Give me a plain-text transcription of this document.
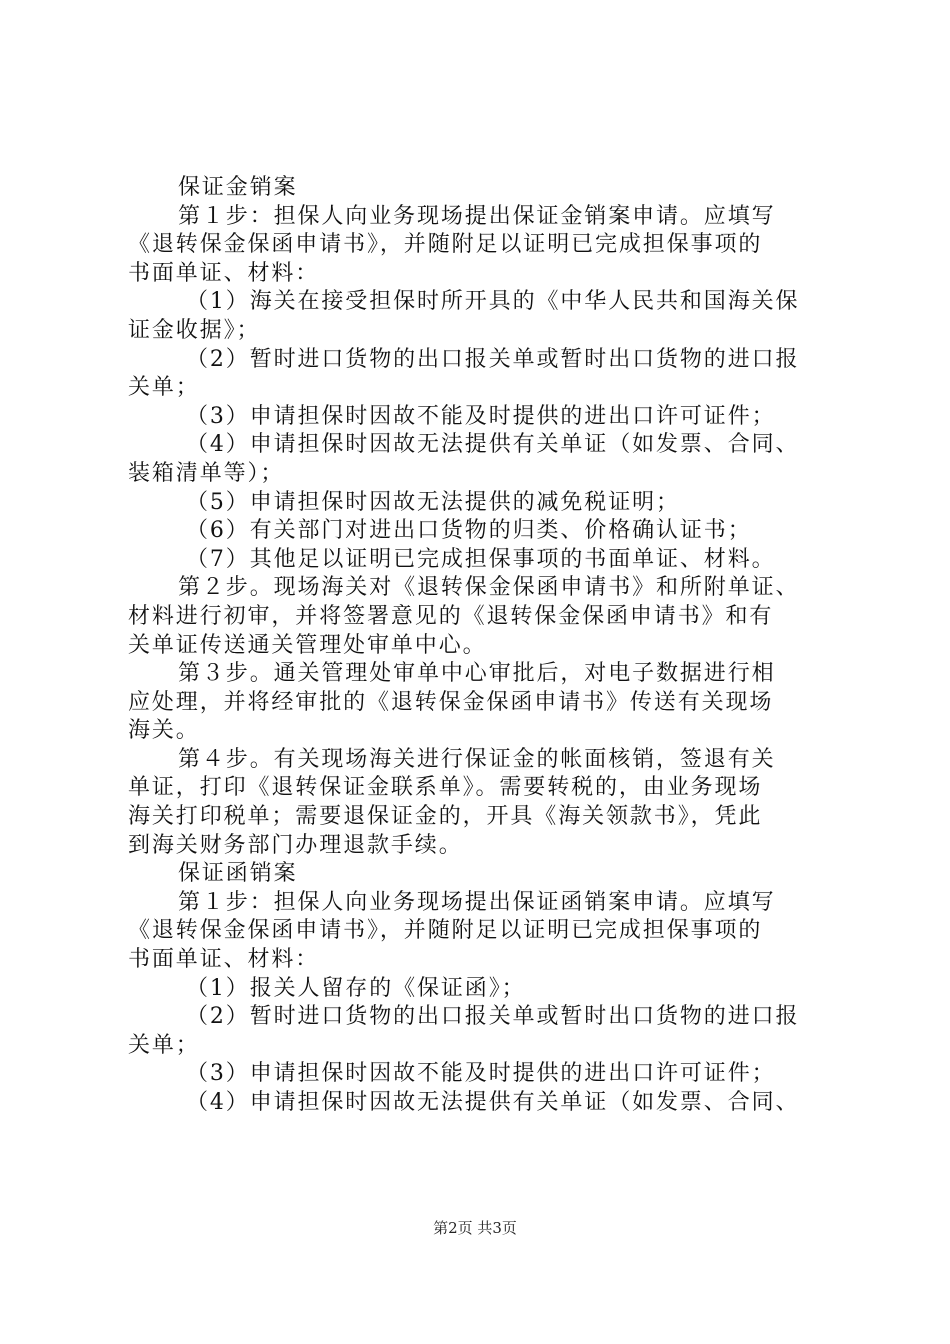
保证金销案
第１步：担保人向业务现场提出保证金销案申请。应填写
《退转保金保函申请书》，并随附足以证明已完成担保事项的
书面单证、材料：
（1）海关在接受担保时所开具的《中华人民共和国海关保
证金收据》；
（2）暂时进口货物的出口报关单或暂时出口货物的进口报
关单；
（3）申请担保时因故不能及时提供的进出口许可证件；
（4）申请担保时因故无法提供有关单证（如发票、合同、
装箱清单等）；
（5）申请担保时因故无法提供的减免税证明；
（6）有关部门对进出口货物的归类、价格确认证书；
（7）其他足以证明已完成担保事项的书面单证、材料。
第２步。现场海关对《退转保金保函申请书》和所附单证、
材料进行初审，并将签署意见的《退转保金保函申请书》和有
关单证传送通关管理处审单中心。
第３步。通关管理处审单中心审批后，对电子数据进行相
应处理，并将经审批的《退转保金保函申请书》传送有关现场
海关。
第４步。有关现场海关进行保证金的帐面核销，签退有关
单证，打印《退转保证金联系单》。需要转税的，由业务现场
海关打印税单；需要退保证金的，开具《海关领款书》，凭此
到海关财务部门办理退款手续。
保证函销案
第１步：担保人向业务现场提出保证函销案申请。应填写
《退转保金保函申请书》，并随附足以证明已完成担保事项的
书面单证、材料：
（1）报关人留存的《保证函》；
（2）暂时进口货物的出口报关单或暂时出口货物的进口报
关单；
（3）申请担保时因故不能及时提供的进出口许可证件；
（4）申请担保时因故无法提供有关单证（如发票、合同、
第2页 共3页
